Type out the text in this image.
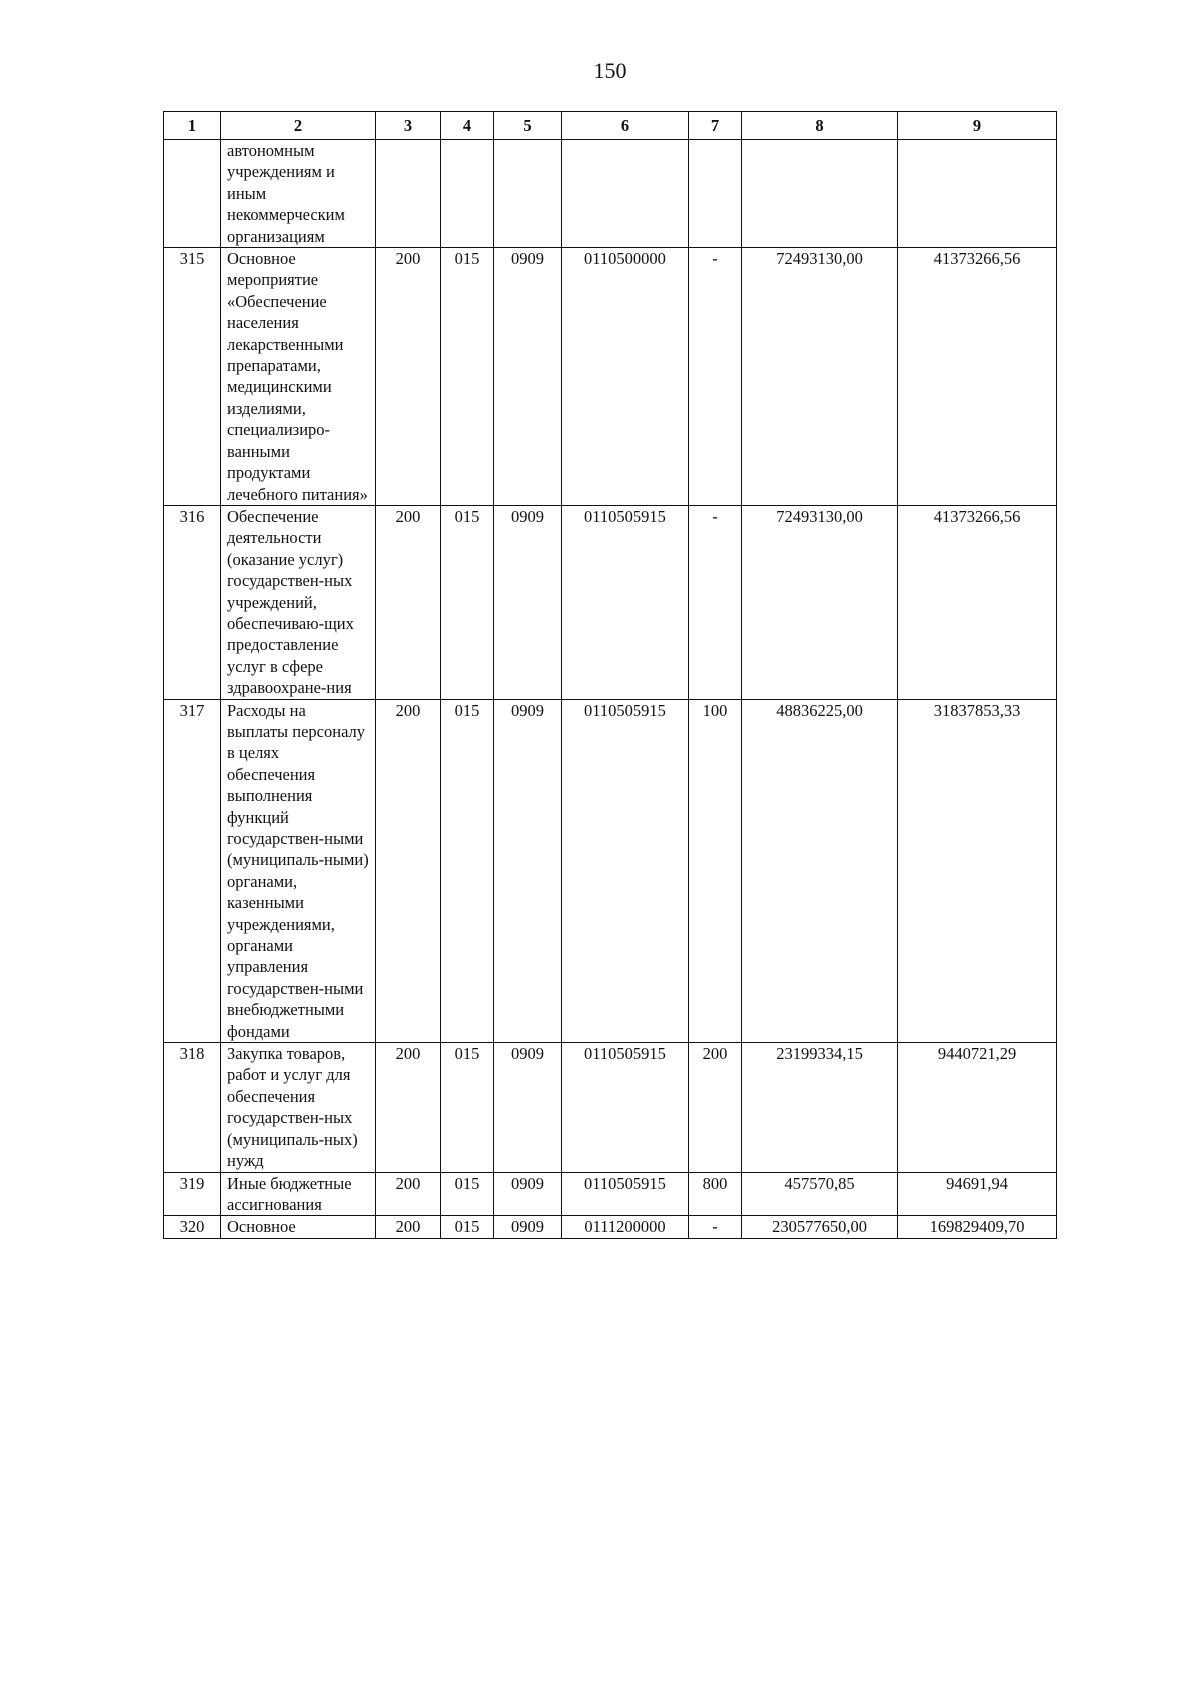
150
1	2	3	4	5	6	7	8	9
	автономным учреждениям и иным некоммерческим организациям							
315	Основное мероприятие «Обеспечение населения лекарственными препаратами, медицинскими изделиями, специализиро-ванными продуктами лечебного питания»	200	015	0909	0110500000	-	72493130,00	41373266,56
316	Обеспечение деятельности (оказание услуг) государствен-ных учреждений, обеспечиваю-щих предоставление услуг в сфере здравоохране-ния	200	015	0909	0110505915	-	72493130,00	41373266,56
317	Расходы на выплаты персоналу в целях обеспечения выполнения функций государствен-ными (муниципаль-ными) органами, казенными учреждениями, органами управления государствен-ными внебюджетными фондами	200	015	0909	0110505915	100	48836225,00	31837853,33
318	Закупка товаров, работ и услуг для обеспечения государствен-ных (муниципаль-ных) нужд	200	015	0909	0110505915	200	23199334,15	9440721,29
319	Иные бюджетные ассигнования	200	015	0909	0110505915	800	457570,85	94691,94
320	Основное	200	015	0909	0111200000	-	230577650,00	169829409,70
